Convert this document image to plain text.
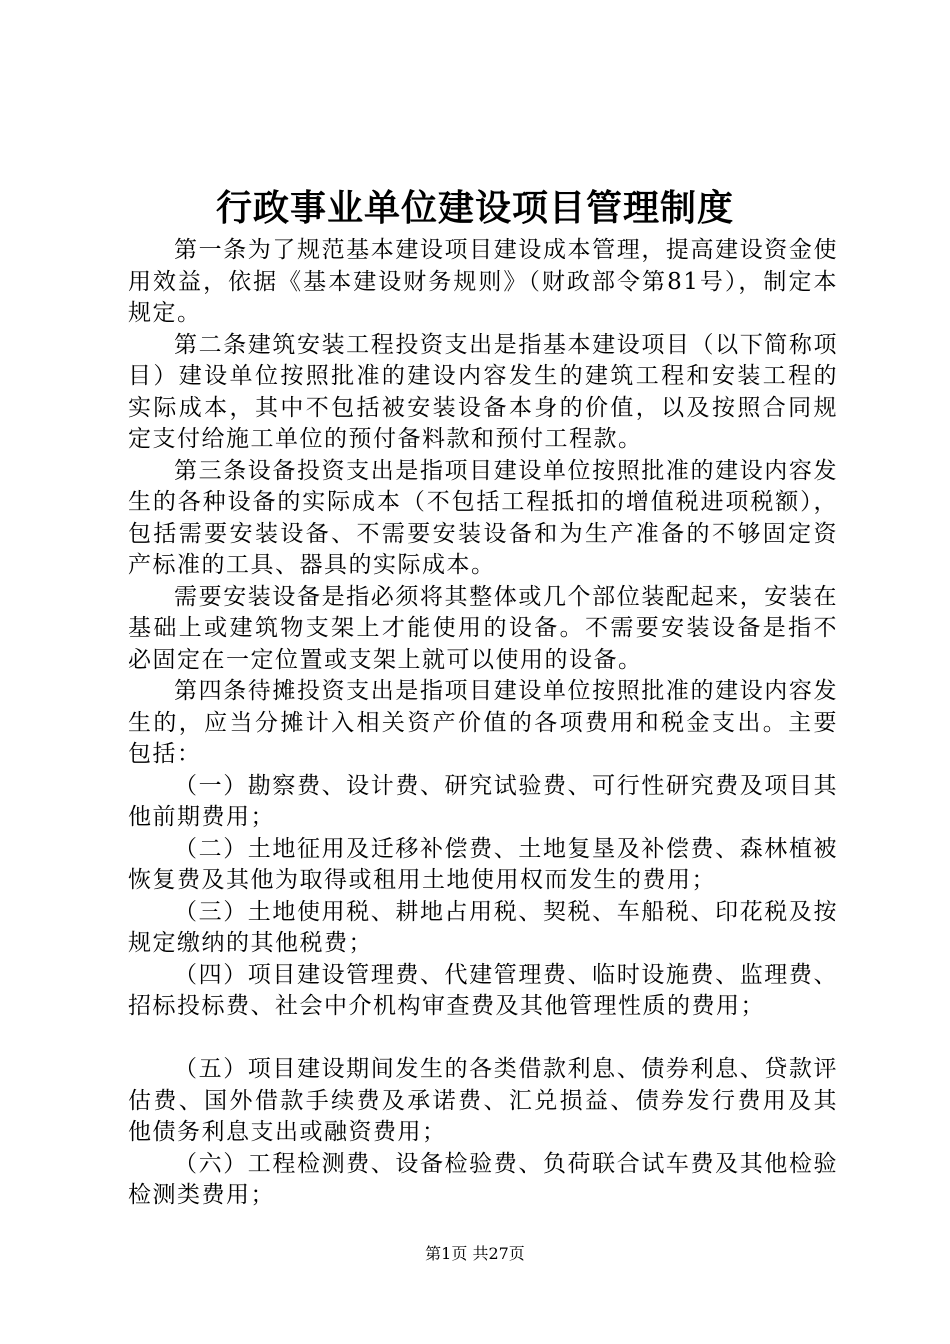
行政事业单位建设项目管理制度

第一条为了规范基本建设项目建设成本管理，提高建设资金使用效益，依据《基本建设财务规则》（财政部令第81号），制定本规定。

第二条建筑安装工程投资支出是指基本建设项目（以下简称项目）建设单位按照批准的建设内容发生的建筑工程和安装工程的实际成本，其中不包括被安装设备本身的价值，以及按照合同规定支付给施工单位的预付备料款和预付工程款。

第三条设备投资支出是指项目建设单位按照批准的建设内容发生的各种设备的实际成本（不包括工程抵扣的增值税进项税额），包括需要安装设备、不需要安装设备和为生产准备的不够固定资产标准的工具、器具的实际成本。

需要安装设备是指必须将其整体或几个部位装配起来，安装在基础上或建筑物支架上才能使用的设备。不需要安装设备是指不必固定在一定位置或支架上就可以使用的设备。

第四条待摊投资支出是指项目建设单位按照批准的建设内容发生的，应当分摊计入相关资产价值的各项费用和税金支出。主要包括：

（一）勘察费、设计费、研究试验费、可行性研究费及项目其他前期费用；

（二）土地征用及迁移补偿费、土地复垦及补偿费、森林植被恢复费及其他为取得或租用土地使用权而发生的费用；

（三）土地使用税、耕地占用税、契税、车船税、印花税及按规定缴纳的其他税费；

（四）项目建设管理费、代建管理费、临时设施费、监理费、招标投标费、社会中介机构审查费及其他管理性质的费用；

（五）项目建设期间发生的各类借款利息、债券利息、贷款评估费、国外借款手续费及承诺费、汇兑损益、债券发行费用及其他债务利息支出或融资费用；

（六）工程检测费、设备检验费、负荷联合试车费及其他检验检测类费用；

第1页 共27页
